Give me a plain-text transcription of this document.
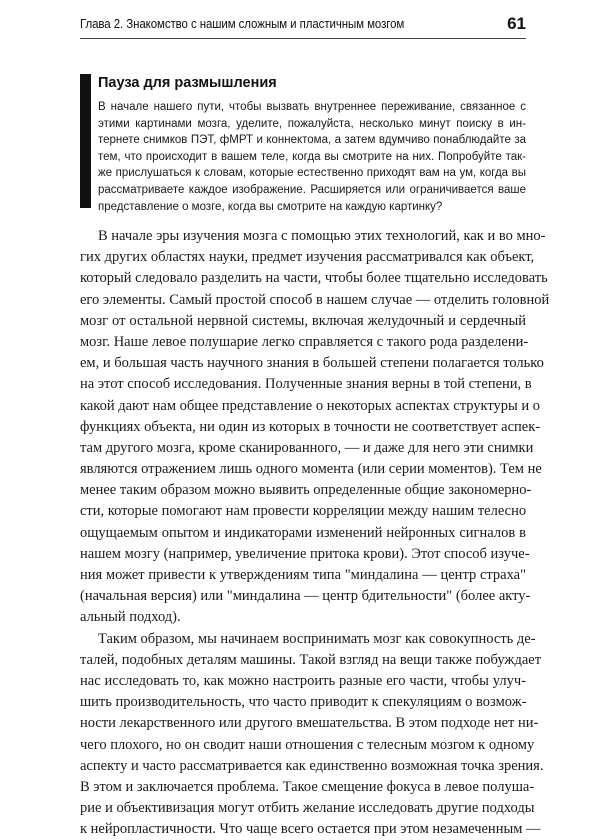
Глава 2. Знакомство с нашим сложным и пластичным мозгом	61
Пауза для размышления
В начале нашего пути, чтобы вызвать внутреннее переживание, связанное с
этими картинами мозга, уделите, пожалуйста, несколько минут поиску в ин-
тернете снимков ПЭТ, фМРТ и коннектома, а затем вдумчиво понаблюдайте за
тем, что происходит в вашем теле, когда вы смотрите на них. Попробуйте так-
же прислушаться к словам, которые естественно приходят вам на ум, когда вы
рассматриваете каждое изображение. Расширяется или ограничивается ваше
представление о мозге, когда вы смотрите на каждую картинку?
В начале эры изучения мозга с помощью этих технологий, как и во мно-
гих других областях науки, предмет изучения рассматривался как объект,
который следовало разделить на части, чтобы более тщательно исследовать
его элементы. Самый простой способ в нашем случае — отделить головной
мозг от остальной нервной системы, включая желудочный и сердечный
мозг. Наше левое полушарие легко справляется с такого рода разделени-
ем, и большая часть научного знания в большей степени полагается только
на этот способ исследования. Полученные знания верны в той степени, в
какой дают нам общее представление о некоторых аспектах структуры и о
функциях объекта, ни один из которых в точности не соответствует аспек-
там другого мозга, кроме сканированного, — и даже для него эти снимки
являются отражением лишь одного момента (или серии моментов). Тем не
менее таким образом можно выявить определенные общие закономерно-
сти, которые помогают нам провести корреляции между нашим телесно
ощущаемым опытом и индикаторами изменений нейронных сигналов в
нашем мозгу (например, увеличение притока крови). Этот способ изуче-
ния может привести к утверждениям типа "миндалина — центр страха"
(начальная версия) или "миндалина — центр бдительности" (более акту-
альный подход).
Таким образом, мы начинаем воспринимать мозг как совокупность де-
талей, подобных деталям машины. Такой взгляд на вещи также побуждает
нас исследовать то, как можно настроить разные его части, чтобы улуч-
шить производительность, что часто приводит к спекуляциям о возмож-
ности лекарственного или другого вмешательства. В этом подходе нет ни-
чего плохого, но он сводит наши отношения с телесным мозгом к одному
аспекту и часто рассматривается как единственно возможная точка зрения.
В этом и заключается проблема. Такое смещение фокуса в левое полуша-
рие и объективизация могут отбить желание исследовать другие подходы
к нейропластичности. Что чаще всего остается при этом незамеченным —
